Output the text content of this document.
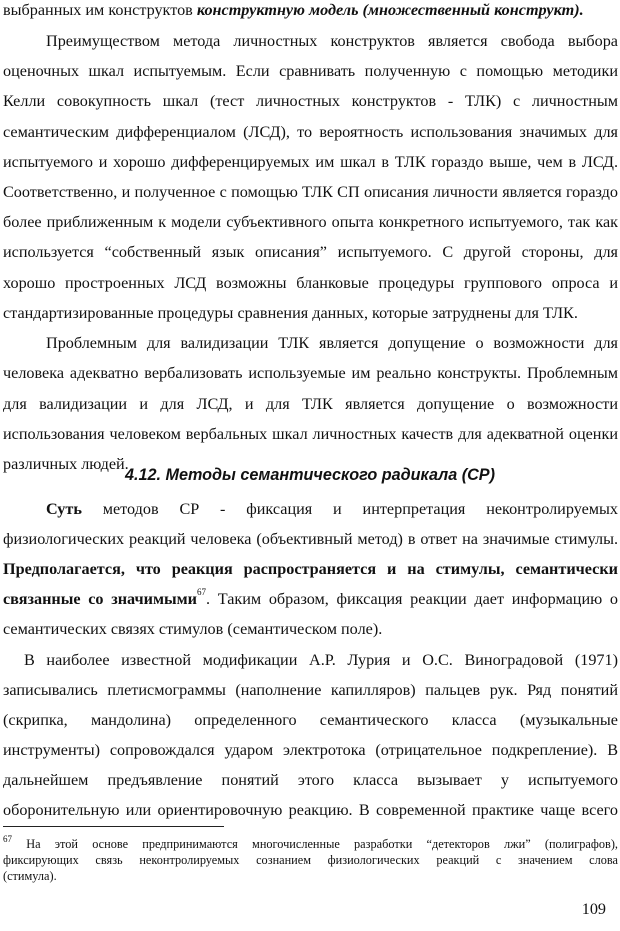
выбранных им конструктов конструктную модель (множественный конструкт).
Преимуществом метода личностных конструктов является свобода выбора
оценочных шкал испытуемым. Если сравнивать полученную с помощью методики
Келли совокупность шкал (тест личностных конструктов - ТЛК) с личностным
семантическим дифференциалом (ЛСД), то вероятность использования значимых для
испытуемого и хорошо дифференцируемых им шкал в ТЛК гораздо выше, чем в ЛСД.
Соответственно, и полученное с помощью ТЛК СП описания личности является гораздо
более приближенным к модели субъективного опыта конкретного испытуемого, так как
используется “собственный язык описания” испытуемого. С другой стороны, для
хорошо простроенных ЛСД возможны бланковые процедуры группового опроса и
стандартизированные процедуры сравнения данных, которые затруднены для ТЛК.
Проблемным для валидизации ТЛК является допущение о возможности для
человека адекватно вербализовать используемые им реально конструкты. Проблемным
для валидизации и для ЛСД, и для ТЛК является допущение о возможности
использования человеком вербальных шкал личностных качеств для адекватной оценки
различных людей.
4.12. Методы семантического радикала (СР)
Суть методов СР - фиксация и интерпретация неконтролируемых
физиологических реакций человека (объективный метод) в ответ на значимые стимулы.
Предполагается, что реакция распространяется и на стимулы, семантически
связанные со значимыми$^{67}$. Таким образом, фиксация реакции дает информацию о
семантических связях стимулов (семантическом поле).
В наиболее известной модификации А.Р. Лурия и О.С. Виноградовой (1971)
записывались плетисмограммы (наполнение капилляров) пальцев рук. Ряд понятий
(скрипка, мандолина) определенного семантического класса (музыкальные
инструменты) сопровождался ударом электротока (отрицательное подкрепление). В
дальнейшем предъявление понятий этого класса вызывает у испытуемого
оборонительную или ориентировочную реакцию. В современной практике чаще всего
$^{67}$ На этой основе предпринимаются многочисленные разработки “детекторов лжи” (полиграфов),
фиксирующих связь неконтролируемых сознанием физиологических реакций с значением слова
(стимула).
109
